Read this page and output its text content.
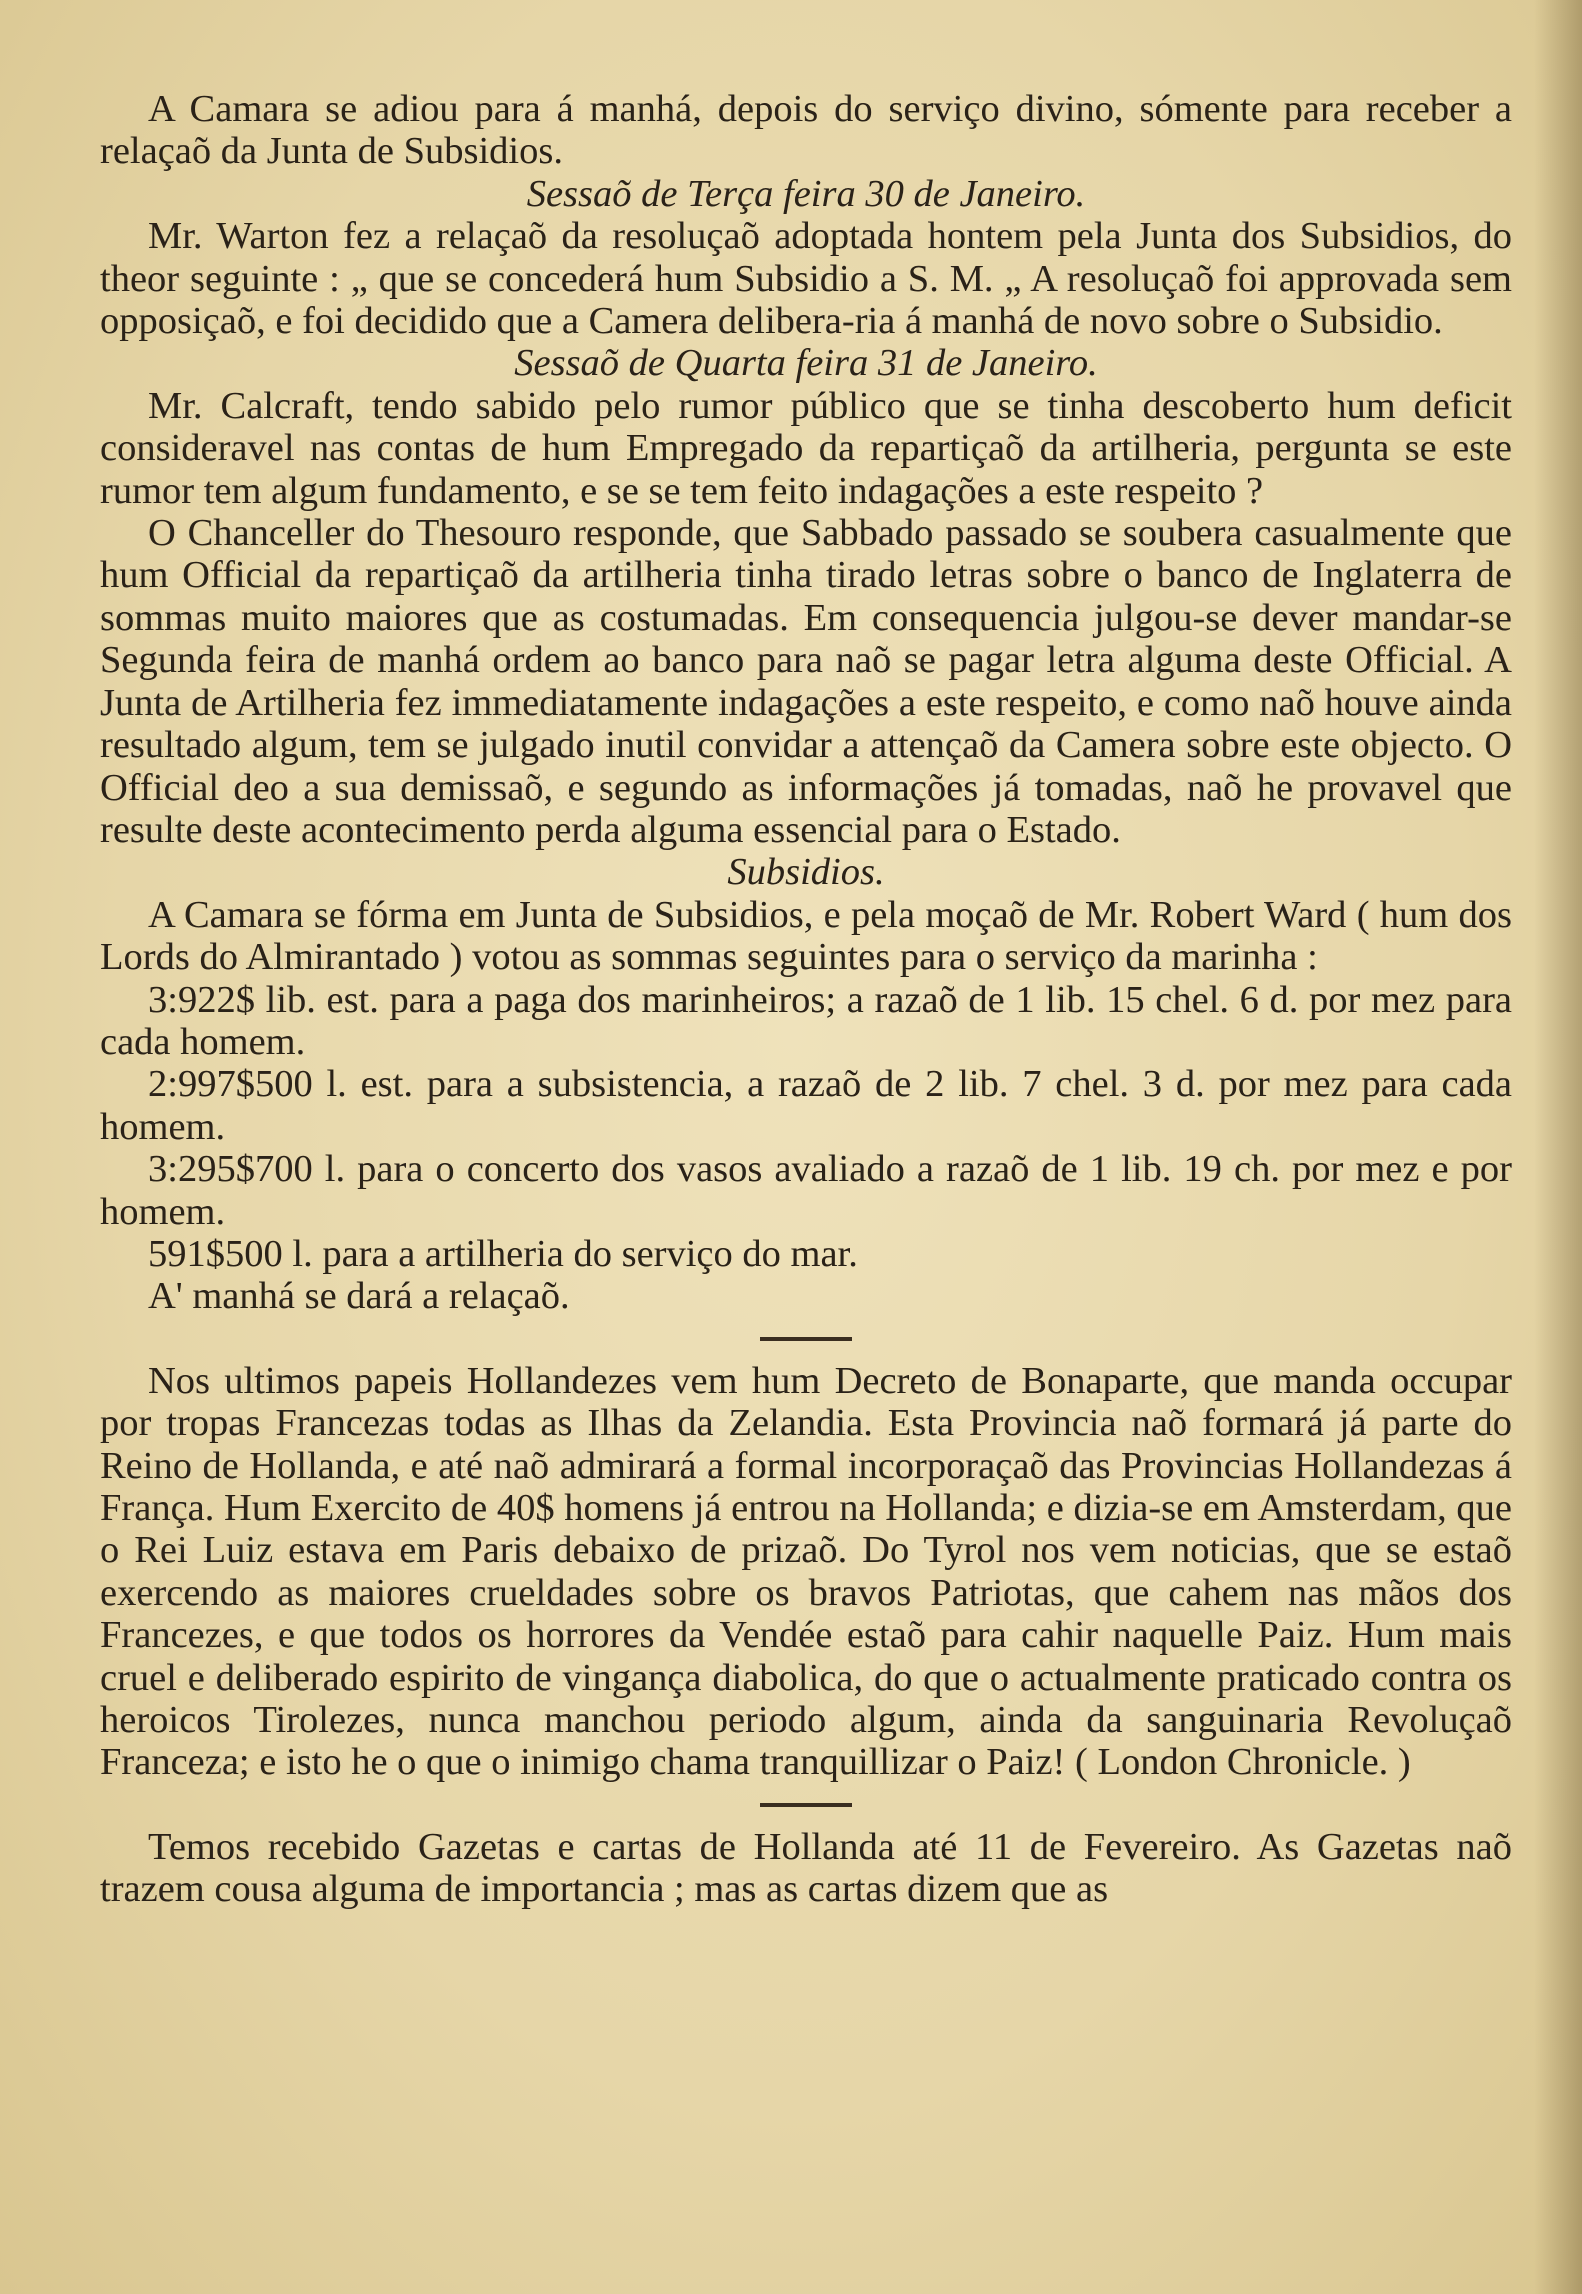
A Camara se adiou para á manhá, depois do serviço divino, sómente para receber a relaçaõ da Junta de Subsidios.

Sessaõ de Terça feira 30 de Janeiro.

Mr. Warton fez a relaçaõ da resoluçaõ adoptada hontem pela Junta dos Subsidios, do theor seguinte : „ que se concederá hum Subsidio a S. M. „ A resoluçaõ foi approvada sem opposiçaõ, e foi decidido que a Camera delibera-ria á manhá de novo sobre o Subsidio.

Sessaõ de Quarta feira 31 de Janeiro.

Mr. Calcraft, tendo sabido pelo rumor público que se tinha descoberto hum deficit consideravel nas contas de hum Empregado da repartiçaõ da artilheria, pergunta se este rumor tem algum fundamento, e se se tem feito indagações a este respeito ?

O Chanceller do Thesouro responde, que Sabbado passado se soubera casualmente que hum Official da repartiçaõ da artilheria tinha tirado letras sobre o banco de Inglaterra de sommas muito maiores que as costumadas. Em consequencia julgou-se dever mandar-se Segunda feira de manhá ordem ao banco para naõ se pagar letra alguma deste Official. A Junta de Artilheria fez immediatamente indagações a este respeito, e como naõ houve ainda resultado algum, tem se julgado inutil convidar a attençaõ da Camera sobre este objecto. O Official deo a sua demissaõ, e segundo as informações já tomadas, naõ he provavel que resulte deste acontecimento perda alguma essencial para o Estado.

Subsidios.

A Camara se fórma em Junta de Subsidios, e pela moçaõ de Mr. Robert Ward ( hum dos Lords do Almirantado ) votou as sommas seguintes para o serviço da marinha :

3:922$ lib. est. para a paga dos marinheiros; a razaõ de 1 lib. 15 chel. 6 d. por mez para cada homem.

2:997$500 l. est. para a subsistencia, a razaõ de 2 lib. 7 chel. 3 d. por mez para cada homem.

3:295$700 l. para o concerto dos vasos avaliado a razaõ de 1 lib. 19 ch. por mez e por homem.

591$500 l. para a artilheria do serviço do mar.

A' manhá se dará a relaçaõ.

Nos ultimos papeis Hollandezes vem hum Decreto de Bonaparte, que manda occupar por tropas Francezas todas as Ilhas da Zelandia. Esta Provincia naõ formará já parte do Reino de Hollanda, e até naõ admirará a formal incorporaçaõ das Provincias Hollandezas á França. Hum Exercito de 40$ homens já entrou na Hollanda; e dizia-se em Amsterdam, que o Rei Luiz estava em Paris debaixo de prizaõ. Do Tyrol nos vem noticias, que se estaõ exercendo as maiores crueldades sobre os bravos Patriotas, que cahem nas mãos dos Francezes, e que todos os horrores da Vendée estaõ para cahir naquelle Paiz. Hum mais cruel e deliberado espirito de vingança diabolica, do que o actualmente praticado contra os heroicos Tirolezes, nunca manchou periodo algum, ainda da sanguinaria Revoluçaõ Franceza; e isto he o que o inimigo chama tranquillizar o Paiz! ( London Chronicle. )

Temos recebido Gazetas e cartas de Hollanda até 11 de Fevereiro. As Gazetas naõ trazem cousa alguma de importancia ; mas as cartas dizem que as
